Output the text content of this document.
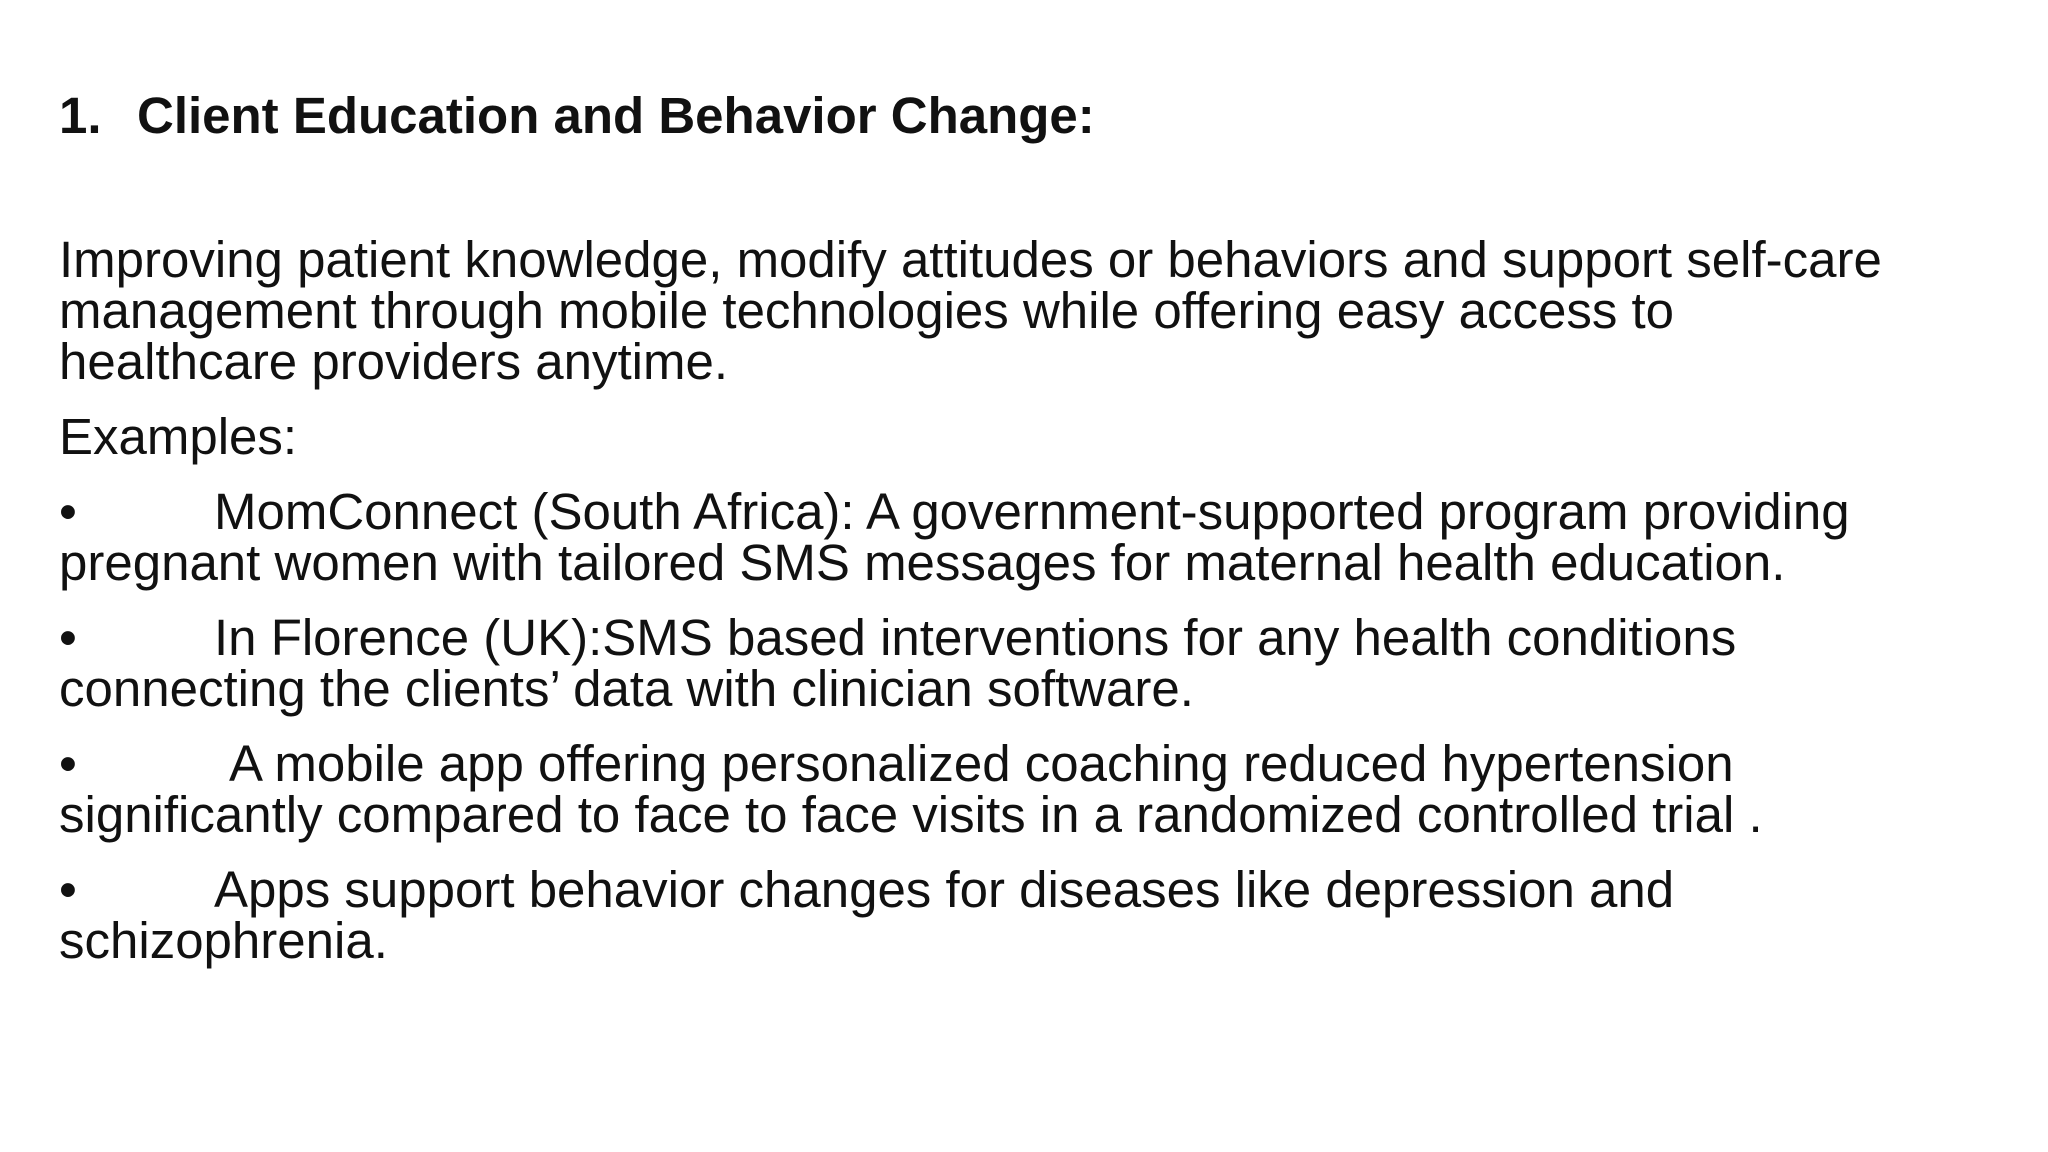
1. Client Education and Behavior Change:

Improving patient knowledge, modify attitudes or behaviors and support self-care
management through mobile technologies while offering easy access to
healthcare providers anytime.

Examples:

•	MomConnect (South Africa): A government-supported program providing
pregnant women with tailored SMS messages for maternal health education.

•	In Florence (UK):SMS based interventions for any health conditions
connecting the clients’ data with clinician software.

•	A mobile app offering personalized coaching reduced hypertension
significantly compared to face to face visits in a randomized controlled trial .

•	Apps support behavior changes for diseases like depression and
schizophrenia.
